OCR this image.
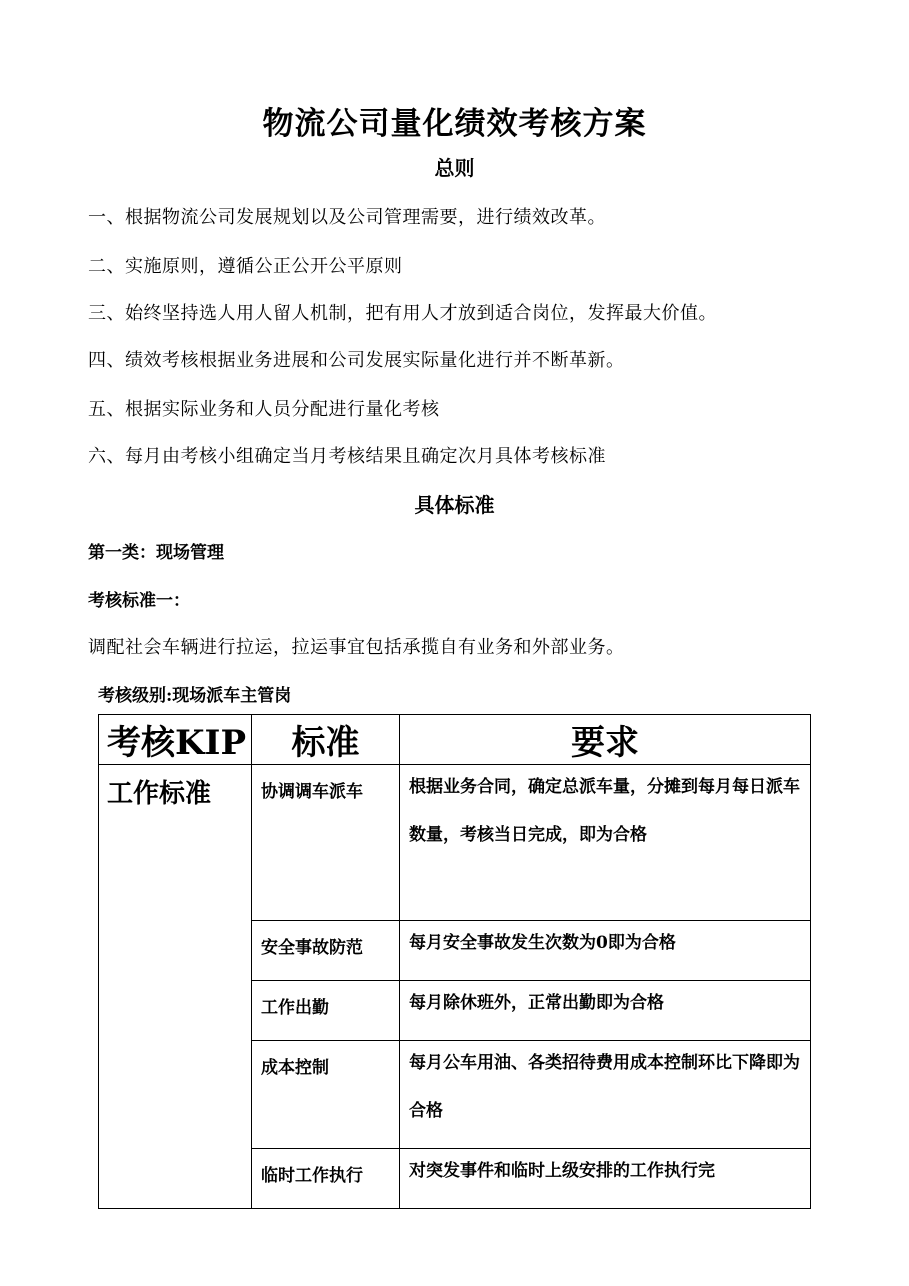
物流公司量化绩效考核方案
总则
一、根据物流公司发展规划以及公司管理需要，进行绩效改革。
二、实施原则，遵循公正公开公平原则
三、始终坚持选人用人留人机制，把有用人才放到适合岗位，发挥最大价值。
四、绩效考核根据业务进展和公司发展实际量化进行并不断革新。
五、根据实际业务和人员分配进行量化考核
六、每月由考核小组确定当月考核结果且确定次月具体考核标准
具体标准
第一类：现场管理
考核标准一：
调配社会车辆进行拉运，拉运事宜包括承揽自有业务和外部业务。
考核级别:现场派车主管岗
考核KIP	标准	要求
工作标准	协调调车派车	根据业务合同，确定总派车量，分摊到每月每日派车数量，考核当日完成，即为合格

	安全事故防范	每月安全事故发生次数为0即为合格

	工作出勤	每月除休班外，正常出勤即为合格

	成本控制	每月公车用油、各类招待费用成本控制环比下降即为合格

	临时工作执行	对突发事件和临时上级安排的工作执行完
